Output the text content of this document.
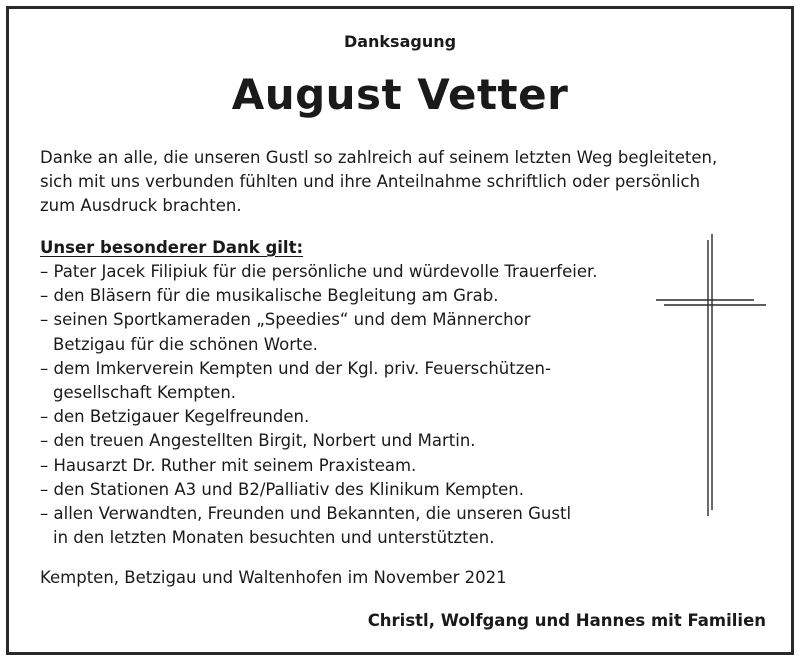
Danksagung
August Vetter
Danke an alle, die unseren Gustl so zahlreich auf seinem letzten Weg begleiteten,
sich mit uns verbunden fühlten und ihre Anteilnahme schriftlich oder persönlich
zum Ausdruck brachten.
Unser besonderer Dank gilt:
– Pater Jacek Filipiuk für die persönliche und würdevolle Trauerfeier.
– den Bläsern für die musikalische Begleitung am Grab.
– seinen Sportkameraden „Speedies“ und dem Männerchor
Betzigau für die schönen Worte.
– dem Imkerverein Kempten und der Kgl. priv. Feuerschützen-
gesellschaft Kempten.
– den Betzigauer Kegelfreunden.
– den treuen Angestellten Birgit, Norbert und Martin.
– Hausarzt Dr. Ruther mit seinem Praxisteam.
– den Stationen A3 und B2/Palliativ des Klinikum Kempten.
– allen Verwandten, Freunden und Bekannten, die unseren Gustl
in den letzten Monaten besuchten und unterstützten.
Kempten, Betzigau und Waltenhofen im November 2021
Christl, Wolfgang und Hannes mit Familien
